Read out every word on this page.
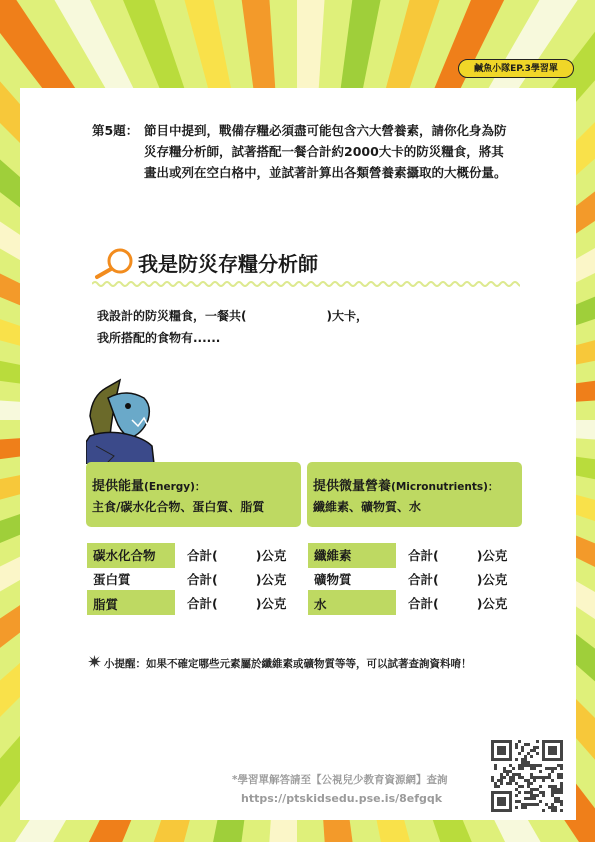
鹹魚小隊EP.3學習單
第5題： 節目中提到，戰備存糧必須盡可能包含六大營養素，請你化身為防災存糧分析師，試著搭配一餐合計約2000大卡的防災糧食，將其畫出或列在空白格中，並試著計算出各類營養素攝取的大概份量。
我是防災存糧分析師
我設計的防災糧食，一餐共(	)大卡，
我所搭配的食物有......
提供能量(Energy)：
主食/碳水化合物、蛋白質、脂質
提供微量營養(Micronutrients)：
纖維素、礦物質、水
碳水化合物	合計( )公克
蛋白質	合計( )公克
脂質	合計( )公克
纖維素	合計( )公克
礦物質	合計( )公克
水	合計( )公克
小提醒：如果不確定哪些元素屬於纖維素或礦物質等等，可以試著查詢資料唷！
*學習單解答請至【公視兒少教育資源網】查詢
https://ptskidsedu.pse.is/8efgqk
